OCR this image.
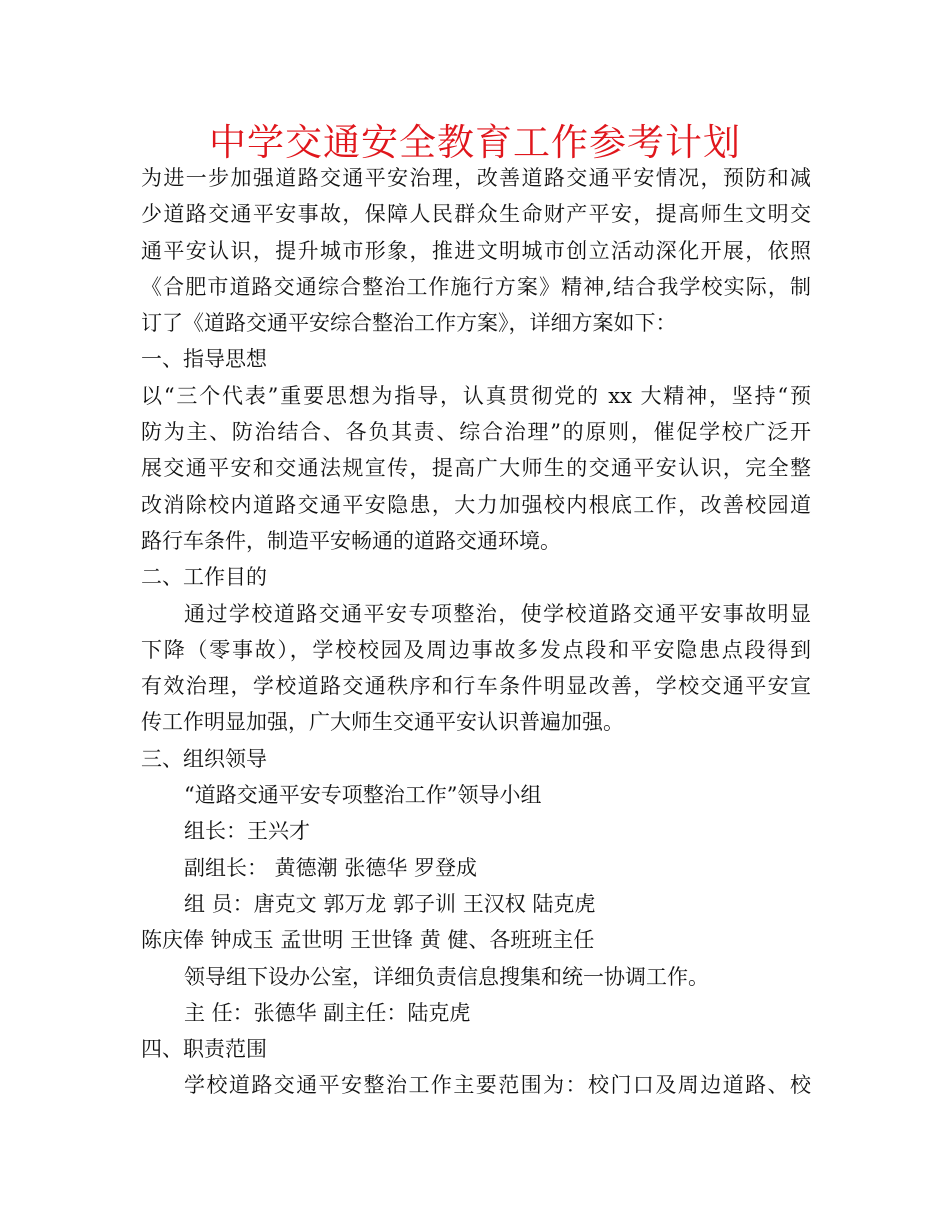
中学交通安全教育工作参考计划
为进一步加强道路交通平安治理，改善道路交通平安情况，预防和减
少道路交通平安事故，保障人民群众生命财产平安，提高师生文明交
通平安认识，提升城市形象，推进文明城市创立活动深化开展，依照
《合肥市道路交通综合整治工作施行方案》精神,结合我学校实际，制
订了《道路交通平安综合整治工作方案》，详细方案如下：
一、指导思想
以“三个代表”重要思想为指导，认真贯彻党的 xx 大精神，坚持“预
防为主、防治结合、各负其责、综合治理”的原则，催促学校广泛开
展交通平安和交通法规宣传，提高广大师生的交通平安认识，完全整
改消除校内道路交通平安隐患，大力加强校内根底工作，改善校园道
路行车条件，制造平安畅通的道路交通环境。
二、工作目的
通过学校道路交通平安专项整治，使学校道路交通平安事故明显
下降（零事故），学校校园及周边事故多发点段和平安隐患点段得到
有效治理，学校道路交通秩序和行车条件明显改善，学校交通平安宣
传工作明显加强，广大师生交通平安认识普遍加强。
三、组织领导
“道路交通平安专项整治工作”领导小组
组长：王兴才
副组长： 黄德潮 张德华 罗登成
组 员：唐克文 郭万龙 郭子训 王汉权 陆克虎
陈庆俸 钟成玉 孟世明 王世锋 黄 健、各班班主任
领导组下设办公室，详细负责信息搜集和统一协调工作。
主 任：张德华 副主任：陆克虎
四、职责范围
学校道路交通平安整治工作主要范围为：校门口及周边道路、校
